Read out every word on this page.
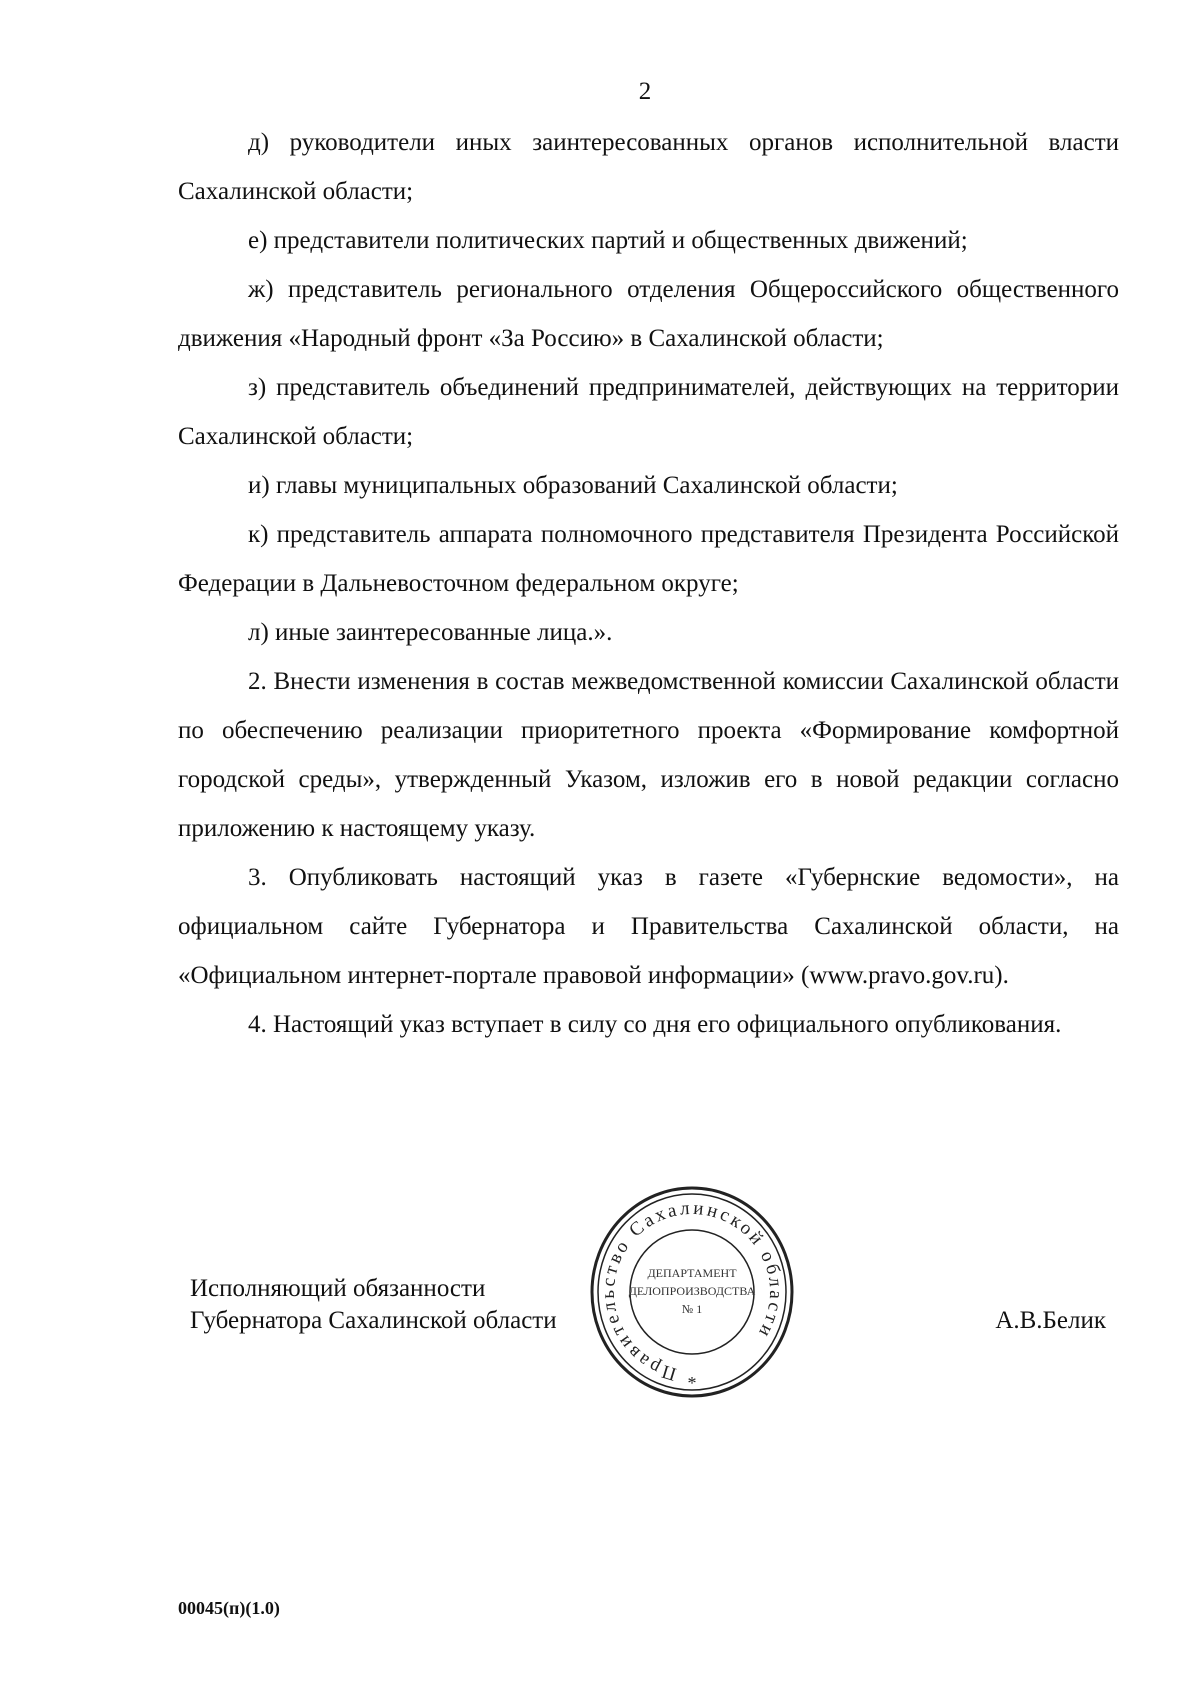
2

д) руководители иных заинтересованных органов исполнительной власти Сахалинской области;

е) представители политических партий и общественных движений;

ж) представитель регионального отделения Общероссийского общественного движения «Народный фронт «За Россию» в Сахалинской области;

з) представитель объединений предпринимателей, действующих на территории Сахалинской области;

и) главы муниципальных образований Сахалинской области;

к) представитель аппарата полномочного представителя Президента Российской Федерации в Дальневосточном федеральном округе;

л) иные заинтересованные лица.».

2. Внести изменения в состав межведомственной комиссии Сахалинской области по обеспечению реализации приоритетного проекта «Формирование комфортной городской среды», утвержденный Указом, изложив его в новой редакции согласно приложению к настоящему указу.

3. Опубликовать настоящий указ в газете «Губернские ведомости», на официальном сайте Губернатора и Правительства Сахалинской области, на «Официальном интернет-портале правовой информации» (www.pravo.gov.ru).

4. Настоящий указ вступает в силу со дня его официального опубликования.

Исполняющий обязанности

Губернатора Сахалинской области	А.В.Белик

Правительство Сахалинской области
ДЕПАРТАМЕНТ
ДЕЛОПРОИЗВОДСТВА
№ 1
*

00045(п)(1.0)
